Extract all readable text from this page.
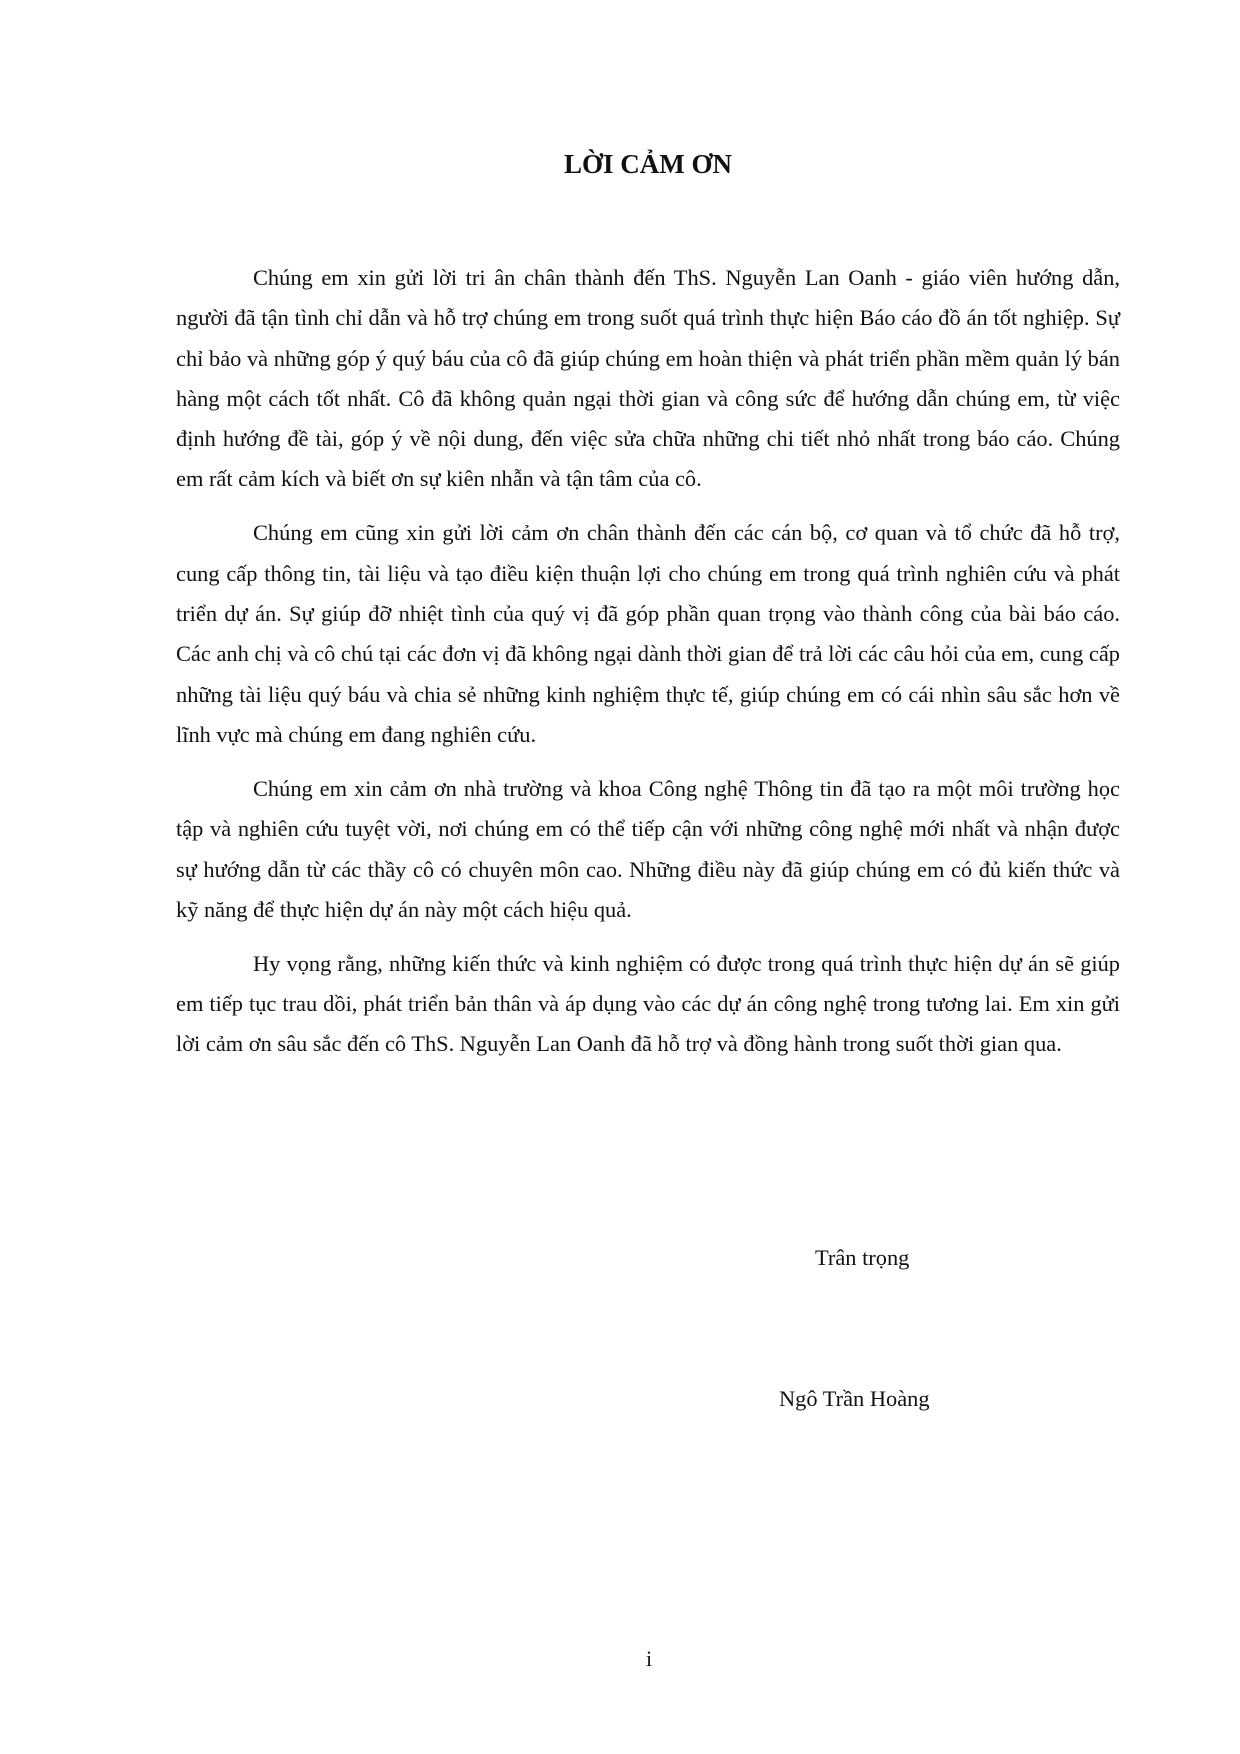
LỜI CẢM ƠN

Chúng em xin gửi lời tri ân chân thành đến ThS. Nguyễn Lan Oanh - giáo viên hướng dẫn, người đã tận tình chỉ dẫn và hỗ trợ chúng em trong suốt quá trình thực hiện Báo cáo đồ án tốt nghiệp. Sự chỉ bảo và những góp ý quý báu của cô đã giúp chúng em hoàn thiện và phát triển phần mềm quản lý bán hàng một cách tốt nhất. Cô đã không quản ngại thời gian và công sức để hướng dẫn chúng em, từ việc định hướng đề tài, góp ý về nội dung, đến việc sửa chữa những chi tiết nhỏ nhất trong báo cáo. Chúng em rất cảm kích và biết ơn sự kiên nhẫn và tận tâm của cô.

Chúng em cũng xin gửi lời cảm ơn chân thành đến các cán bộ, cơ quan và tổ chức đã hỗ trợ, cung cấp thông tin, tài liệu và tạo điều kiện thuận lợi cho chúng em trong quá trình nghiên cứu và phát triển dự án. Sự giúp đỡ nhiệt tình của quý vị đã góp phần quan trọng vào thành công của bài báo cáo. Các anh chị và cô chú tại các đơn vị đã không ngại dành thời gian để trả lời các câu hỏi của em, cung cấp những tài liệu quý báu và chia sẻ những kinh nghiệm thực tế, giúp chúng em có cái nhìn sâu sắc hơn về lĩnh vực mà chúng em đang nghiên cứu.

Chúng em xin cảm ơn nhà trường và khoa Công nghệ Thông tin đã tạo ra một môi trường học tập và nghiên cứu tuyệt vời, nơi chúng em có thể tiếp cận với những công nghệ mới nhất và nhận được sự hướng dẫn từ các thầy cô có chuyên môn cao. Những điều này đã giúp chúng em có đủ kiến thức và kỹ năng để thực hiện dự án này một cách hiệu quả.

Hy vọng rằng, những kiến thức và kinh nghiệm có được trong quá trình thực hiện dự án sẽ giúp em tiếp tục trau dồi, phát triển bản thân và áp dụng vào các dự án công nghệ trong tương lai. Em xin gửi lời cảm ơn sâu sắc đến cô ThS. Nguyễn Lan Oanh đã hỗ trợ và đồng hành trong suốt thời gian qua.

Trân trọng

Ngô Trần Hoàng

i
